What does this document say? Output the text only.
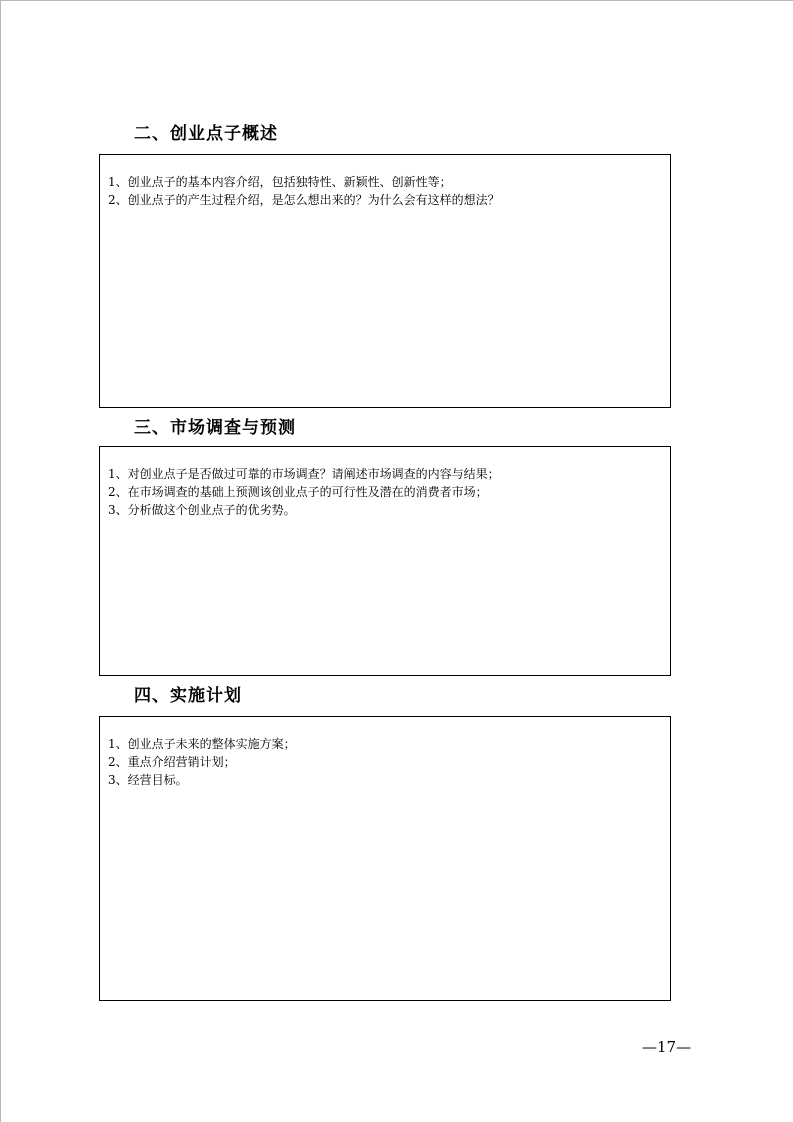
二、创业点子概述
1、创业点子的基本内容介绍，包括独特性、新颖性、创新性等；
2、创业点子的产生过程介绍，是怎么想出来的？为什么会有这样的想法？
三、市场调查与预测
1、对创业点子是否做过可靠的市场调查？请阐述市场调查的内容与结果；
2、在市场调查的基础上预测该创业点子的可行性及潜在的消费者市场；
3、分析做这个创业点子的优劣势。
四、实施计划
1、创业点子未来的整体实施方案；
2、重点介绍营销计划；
3、经营目标。
—17—
